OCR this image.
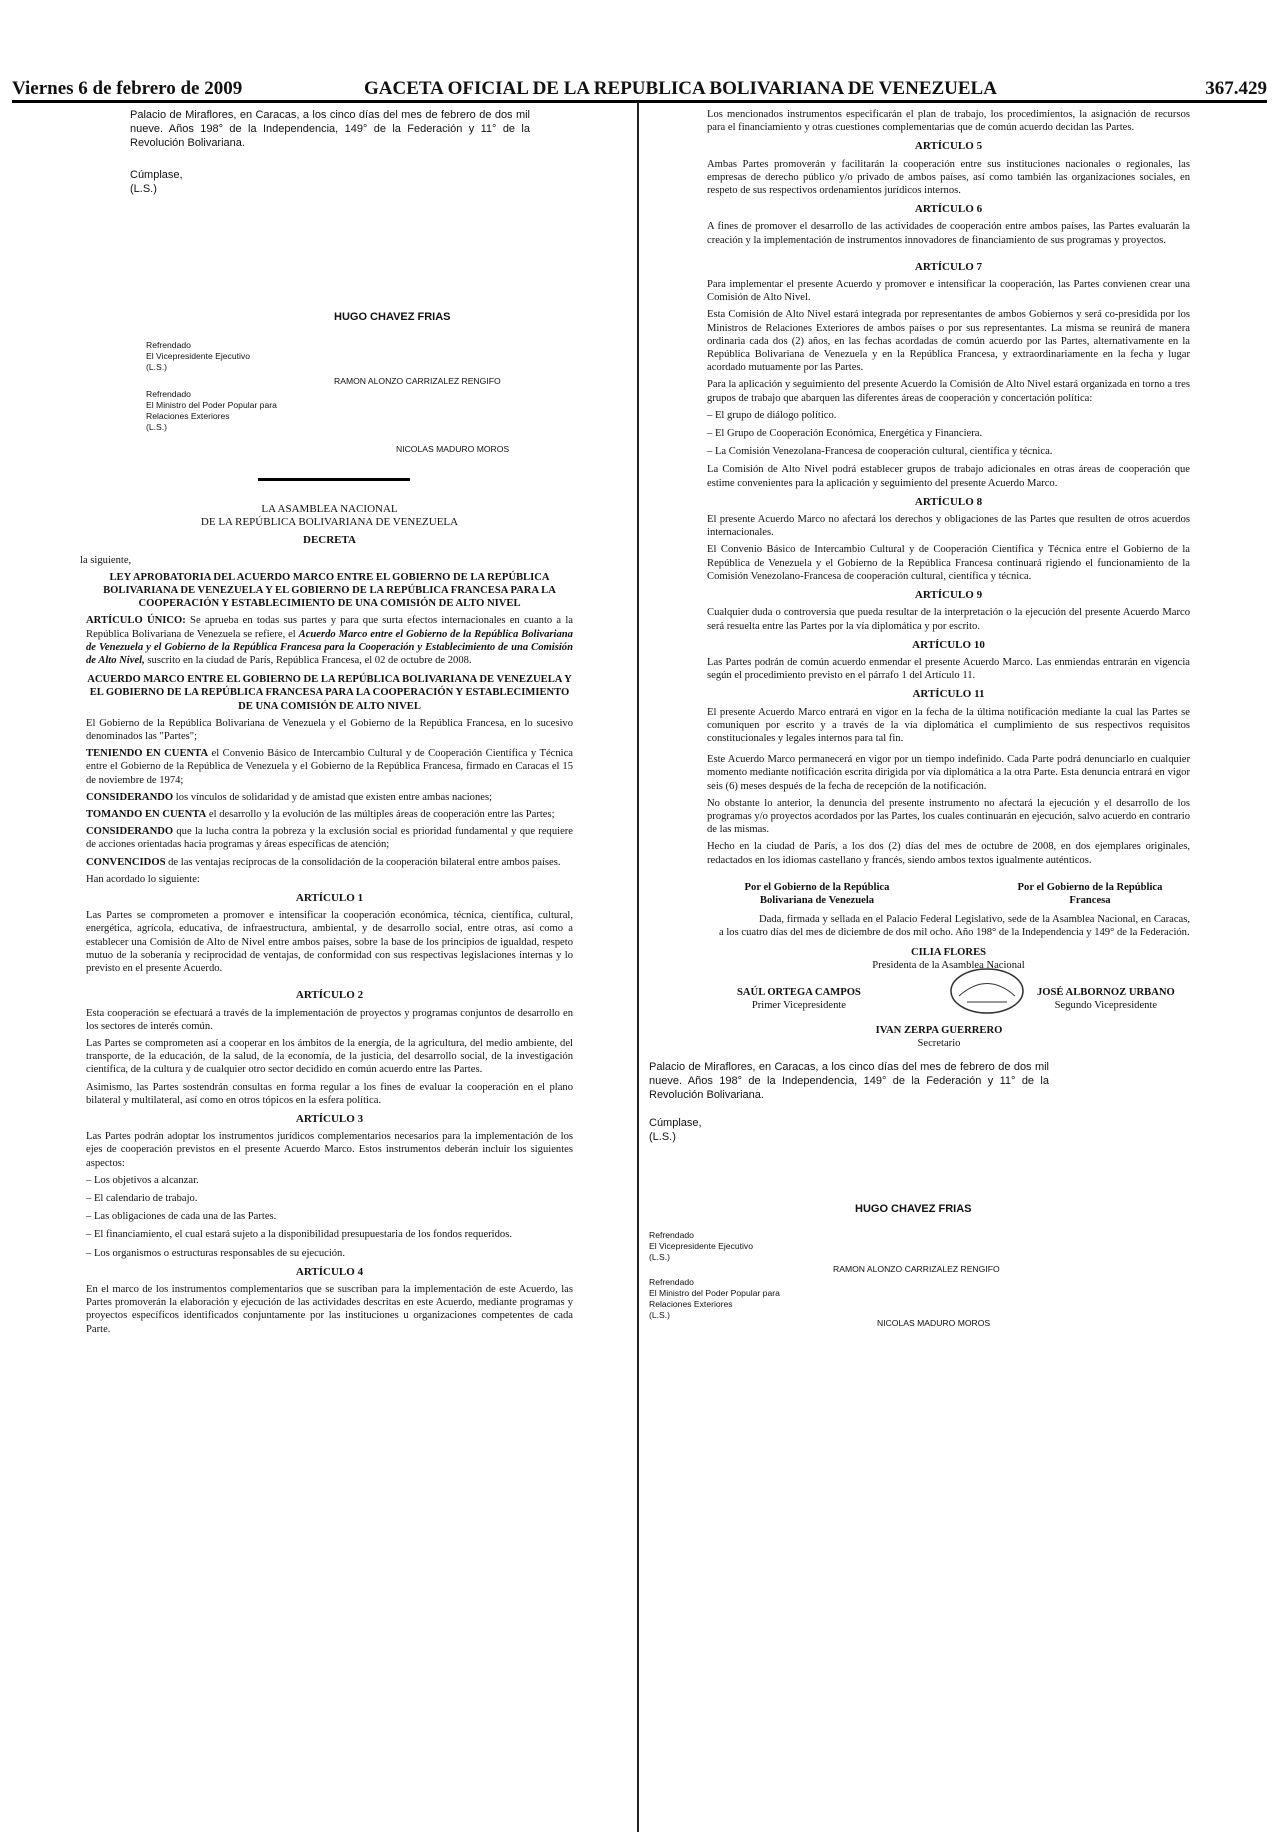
Viernes 6 de febrero de 2009	GACETA OFICIAL DE LA REPUBLICA BOLIVARIANA DE VENEZUELA	367.429

Palacio de Miraflores, en Caracas, a los cinco días del mes de febrero de dos mil nueve. Años 198° de la Independencia, 149° de la Federación y 11° de la Revolución Bolivariana.

Cúmplase,
(L.S.)
HUGO CHAVEZ FRIAS
Refrendado
El Vicepresidente Ejecutivo
(L.S.)
RAMON ALONZO CARRIZALEZ RENGIFO
Refrendado
El Ministro del Poder Popular para
Relaciones Exteriores
(L.S.)
NICOLAS MADURO MOROS
LA ASAMBLEA NACIONAL
DE LA REPÚBLICA BOLIVARIANA DE VENEZUELA
DECRETA

la siguiente,

LEY APROBATORIA DEL ACUERDO MARCO ENTRE EL GOBIERNO DE LA REPÚBLICA BOLIVARIANA DE VENEZUELA Y EL GOBIERNO DE LA REPÚBLICA FRANCESA PARA LA COOPERACIÓN Y ESTABLECIMIENTO DE UNA COMISIÓN DE ALTO NIVEL

ARTÍCULO ÚNICO: Se aprueba en todas sus partes y para que surta efectos internacionales en cuanto a la República Bolivariana de Venezuela se refiere, el Acuerdo Marco entre el Gobierno de la República Bolivariana de Venezuela y el Gobierno de la República Francesa para la Cooperación y Establecimiento de una Comisión de Alto Nivel, suscrito en la ciudad de París, República Francesa, el 02 de octubre de 2008.

ACUERDO MARCO ENTRE EL GOBIERNO DE LA REPÚBLICA BOLIVARIANA DE VENEZUELA Y EL GOBIERNO DE LA REPÚBLICA FRANCESA PARA LA COOPERACIÓN Y ESTABLECIMIENTO DE UNA COMISIÓN DE ALTO NIVEL

El Gobierno de la República Bolivariana de Venezuela y el Gobierno de la República Francesa, en lo sucesivo denominados las "Partes";

TENIENDO EN CUENTA el Convenio Básico de Intercambio Cultural y de Cooperación Científica y Técnica entre el Gobierno de la República de Venezuela y el Gobierno de la República Francesa, firmado en Caracas el 15 de noviembre de 1974;

CONSIDERANDO los vínculos de solidaridad y de amistad que existen entre ambas naciones;

TOMANDO EN CUENTA el desarrollo y la evolución de las múltiples áreas de cooperación entre las Partes;

CONSIDERANDO que la lucha contra la pobreza y la exclusión social es prioridad fundamental y que requiere de acciones orientadas hacia programas y áreas específicas de atención;

CONVENCIDOS de las ventajas recíprocas de la consolidación de la cooperación bilateral entre ambos países.

Han acordado lo siguiente:

ARTÍCULO 1

Las Partes se comprometen a promover e intensificar la cooperación económica, técnica, científica, cultural, energética, agrícola, educativa, de infraestructura, ambiental, y de desarrollo social, entre otras, así como a establecer una Comisión de Alto de Nivel entre ambos países, sobre la base de los principios de igualdad, respeto mutuo de la soberanía y reciprocidad de ventajas, de conformidad con sus respectivas legislaciones internas y lo previsto en el presente Acuerdo.

ARTÍCULO 2

Esta cooperación se efectuará a través de la implementación de proyectos y programas conjuntos de desarrollo en los sectores de interés común.

Las Partes se comprometen así a cooperar en los ámbitos de la energía, de la agricultura, del medio ambiente, del transporte, de la educación, de la salud, de la economía, de la justicia, del desarrollo social, de la investigación científica, de la cultura y de cualquier otro sector decidido en común acuerdo entre las Partes.

Asimismo, las Partes sostendrán consultas en forma regular a los fines de evaluar la cooperación en el plano bilateral y multilateral, así como en otros tópicos en la esfera política.

ARTÍCULO 3

Las Partes podrán adoptar los instrumentos jurídicos complementarios necesarios para la implementación de los ejes de cooperación previstos en el presente Acuerdo Marco. Estos instrumentos deberán incluir los siguientes aspectos:

– Los objetivos a alcanzar.

– El calendario de trabajo.

– Las obligaciones de cada una de las Partes.

– El financiamiento, el cual estará sujeto a la disponibilidad presupuestaria de los fondos requeridos.

– Los organismos o estructuras responsables de su ejecución.

ARTÍCULO 4

En el marco de los instrumentos complementarios que se suscriban para la implementación de este Acuerdo, las Partes promoverán la elaboración y ejecución de las actividades descritas en este Acuerdo, mediante programas y proyectos específicos identificados conjuntamente por las instituciones u organizaciones competentes de cada Parte.

Los mencionados instrumentos especificarán el plan de trabajo, los procedimientos, la asignación de recursos para el financiamiento y otras cuestiones complementarias que de común acuerdo decidan las Partes.

ARTÍCULO 5

Ambas Partes promoverán y facilitarán la cooperación entre sus instituciones nacionales o regionales, las empresas de derecho público y/o privado de ambos países, así como también las organizaciones sociales, en respeto de sus respectivos ordenamientos jurídicos internos.

ARTÍCULO 6

A fines de promover el desarrollo de las actividades de cooperación entre ambos países, las Partes evaluarán la creación y la implementación de instrumentos innovadores de financiamiento de sus programas y proyectos.

ARTÍCULO 7

Para implementar el presente Acuerdo y promover e intensificar la cooperación, las Partes convienen crear una Comisión de Alto Nivel.

Esta Comisión de Alto Nivel estará integrada por representantes de ambos Gobiernos y será co-presidida por los Ministros de Relaciones Exteriores de ambos países o por sus representantes. La misma se reunirá de manera ordinaria cada dos (2) años, en las fechas acordadas de común acuerdo por las Partes, alternativamente en la República Bolivariana de Venezuela y en la República Francesa, y extraordinariamente en la fecha y lugar acordado mutuamente por las Partes.

Para la aplicación y seguimiento del presente Acuerdo la Comisión de Alto Nivel estará organizada en torno a tres grupos de trabajo que abarquen las diferentes áreas de cooperación y concertación política:

– El grupo de diálogo político.

– El Grupo de Cooperación Económica, Energética y Financiera.

– La Comisión Venezolana-Francesa de cooperación cultural, científica y técnica.

La Comisión de Alto Nivel podrá establecer grupos de trabajo adicionales en otras áreas de cooperación que estime convenientes para la aplicación y seguimiento del presente Acuerdo Marco.

ARTÍCULO 8

El presente Acuerdo Marco no afectará los derechos y obligaciones de las Partes que resulten de otros acuerdos internacionales.

El Convenio Básico de Intercambio Cultural y de Cooperación Científica y Técnica entre el Gobierno de la República de Venezuela y el Gobierno de la República Francesa continuará rigiendo el funcionamiento de la Comisión Venezolano-Francesa de cooperación cultural, científica y técnica.

ARTÍCULO 9

Cualquier duda o controversia que pueda resultar de la interpretación o la ejecución del presente Acuerdo Marco será resuelta entre las Partes por la vía diplomática y por escrito.

ARTÍCULO 10

Las Partes podrán de común acuerdo enmendar el presente Acuerdo Marco. Las enmiendas entrarán en vigencia según el procedimiento previsto en el párrafo 1 del Artículo 11.

ARTÍCULO 11

El presente Acuerdo Marco entrará en vigor en la fecha de la última notificación mediante la cual las Partes se comuniquen por escrito y a través de la vía diplomática el cumplimiento de sus respectivos requisitos constitucionales y legales internos para tal fin.

Este Acuerdo Marco permanecerá en vigor por un tiempo indefinido. Cada Parte podrá denunciarlo en cualquier momento mediante notificación escrita dirigida por vía diplomática a la otra Parte. Esta denuncia entrará en vigor seis (6) meses después de la fecha de recepción de la notificación.

No obstante lo anterior, la denuncia del presente instrumento no afectará la ejecución y el desarrollo de los programas y/o proyectos acordados por las Partes, los cuales continuarán en ejecución, salvo acuerdo en contrario de las mismas.

Hecho en la ciudad de París, a los dos (2) días del mes de octubre de 2008, en dos ejemplares originales, redactados en los idiomas castellano y francés, siendo ambos textos igualmente auténticos.

Por el Gobierno de la República
Bolivariana de Venezuela
Por el Gobierno de la República
Francesa

Dada, firmada y sellada en el Palacio Federal Legislativo, sede de la Asamblea Nacional, en Caracas, a los cuatro días del mes de diciembre de dos mil ocho. Año 198° de la Independencia y 149° de la Federación.

CILIA FLORES
Presidenta de la Asamblea Nacional
SAÚL ORTEGA CAMPOS
Primer Vicepresidente
JOSÉ ALBORNOZ URBANO
Segundo Vicepresidente
IVAN ZERPA GUERRERO
Secretario

Palacio de Miraflores, en Caracas, a los cinco días del mes de febrero de dos mil nueve. Años 198° de la Independencia, 149° de la Federación y 11° de la Revolución Bolivariana.

Cúmplase,
(L.S.)
HUGO CHAVEZ FRIAS
Refrendado
El Vicepresidente Ejecutivo
(L.S.)
RAMON ALONZO CARRIZALEZ RENGIFO
Refrendado
El Ministro del Poder Popular para
Relaciones Exteriores
(L.S.)
NICOLAS MADURO MOROS
